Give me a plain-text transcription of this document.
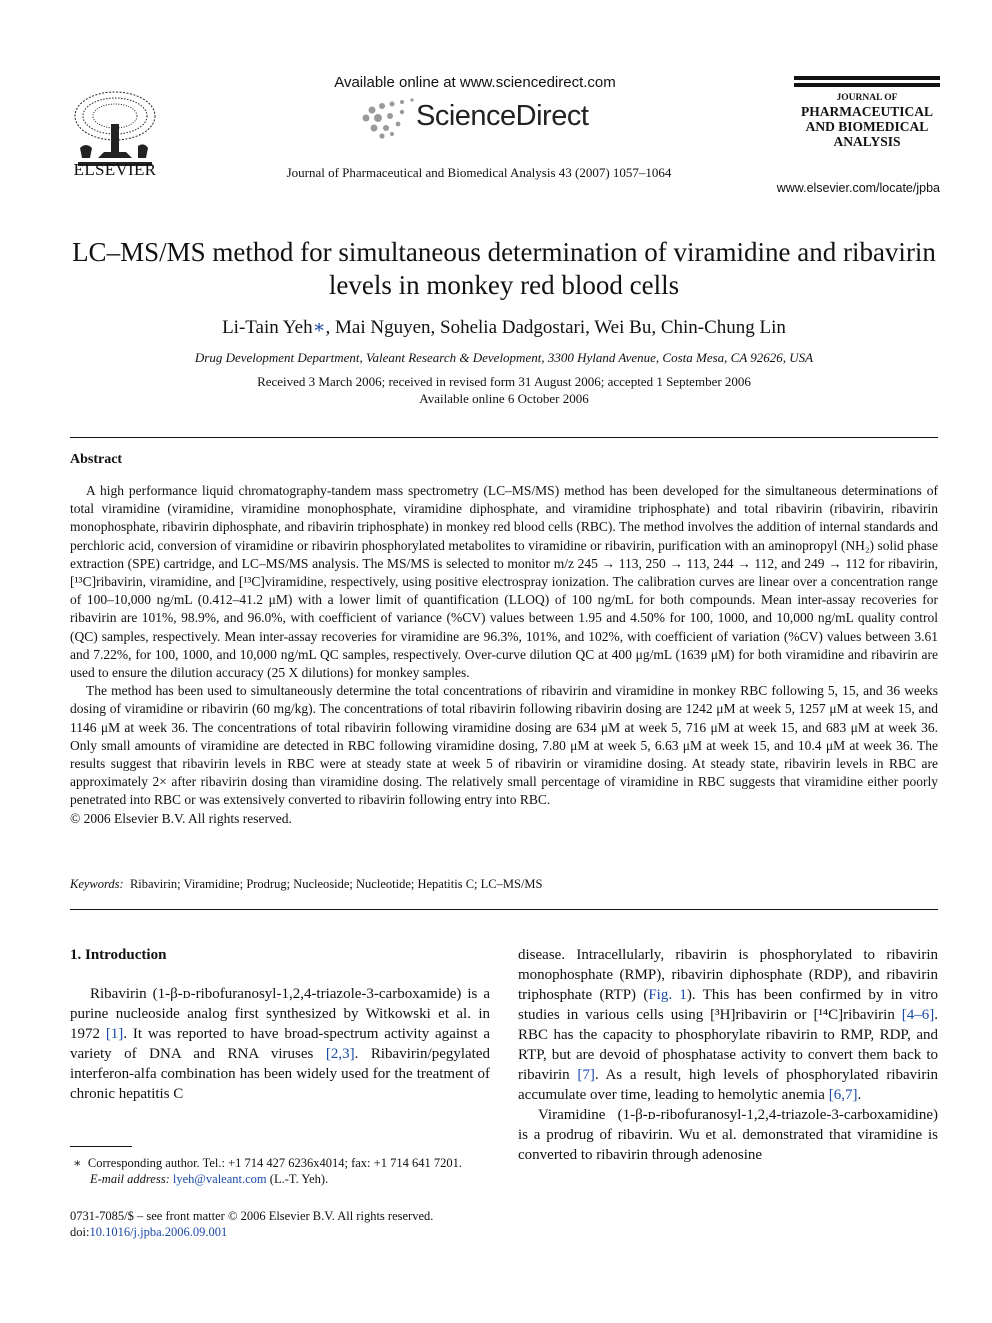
ELSEVIER
Available online at www.sciencedirect.com
ScienceDirect
Journal of Pharmaceutical and Biomedical Analysis 43 (2007) 1057–1064
JOURNAL OF
PHARMACEUTICAL AND BIOMEDICAL ANALYSIS
www.elsevier.com/locate/jpba
LC–MS/MS method for simultaneous determination of viramidine and ribavirin levels in monkey red blood cells
Li-Tain Yeh∗, Mai Nguyen, Sohelia Dadgostari, Wei Bu, Chin-Chung Lin
Drug Development Department, Valeant Research & Development, 3300 Hyland Avenue, Costa Mesa, CA 92626, USA
Received 3 March 2006; received in revised form 31 August 2006; accepted 1 September 2006
Available online 6 October 2006
Abstract

A high performance liquid chromatography-tandem mass spectrometry (LC–MS/MS) method has been developed for the simultaneous determinations of total viramidine (viramidine, viramidine monophosphate, viramidine diphosphate, and viramidine triphosphate) and total ribavirin (ribavirin, ribavirin monophosphate, ribavirin diphosphate, and ribavirin triphosphate) in monkey red blood cells (RBC). The method involves the addition of internal standards and perchloric acid, conversion of viramidine or ribavirin phosphorylated metabolites to viramidine or ribavirin, purification with an aminopropyl (NH₂) solid phase extraction (SPE) cartridge, and LC–MS/MS analysis. The MS/MS is selected to monitor m/z 245 → 113, 250 → 113, 244 → 112, and 249 → 112 for ribavirin, [¹³C]ribavirin, viramidine, and [¹³C]viramidine, respectively, using positive electrospray ionization. The calibration curves are linear over a concentration range of 100–10,000 ng/mL (0.412–41.2 μM) with a lower limit of quantification (LLOQ) of 100 ng/mL for both compounds. Mean inter-assay recoveries for ribavirin are 101%, 98.9%, and 96.0%, with coefficient of variance (%CV) values between 1.95 and 4.50% for 100, 1000, and 10,000 ng/mL quality control (QC) samples, respectively. Mean inter-assay recoveries for viramidine are 96.3%, 101%, and 102%, with coefficient of variation (%CV) values between 3.61 and 7.22%, for 100, 1000, and 10,000 ng/mL QC samples, respectively. Over-curve dilution QC at 400 μg/mL (1639 μM) for both viramidine and ribavirin are used to ensure the dilution accuracy (25 X dilutions) for monkey samples.

The method has been used to simultaneously determine the total concentrations of ribavirin and viramidine in monkey RBC following 5, 15, and 36 weeks dosing of viramidine or ribavirin (60 mg/kg). The concentrations of total ribavirin following ribavirin dosing are 1242 μM at week 5, 1257 μM at week 15, and 1146 μM at week 36. The concentrations of total ribavirin following viramidine dosing are 634 μM at week 5, 716 μM at week 15, and 683 μM at week 36. Only small amounts of viramidine are detected in RBC following viramidine dosing, 7.80 μM at week 5, 6.63 μM at week 15, and 10.4 μM at week 36. The results suggest that ribavirin levels in RBC were at steady state at week 5 of ribavirin or viramidine dosing. At steady state, ribavirin levels in RBC are approximately 2× after ribavirin dosing than viramidine dosing. The relatively small percentage of viramidine in RBC suggests that viramidine either poorly penetrated into RBC or was extensively converted to ribavirin following entry into RBC.

© 2006 Elsevier B.V. All rights reserved.

Keywords: Ribavirin; Viramidine; Prodrug; Nucleoside; Nucleotide; Hepatitis C; LC–MS/MS
1. Introduction

Ribavirin (1-β-ᴅ-ribofuranosyl-1,2,4-triazole-3-carboxamide) is a purine nucleoside analog first synthesized by Witkowski et al. in 1972 [1]. It was reported to have broad-spectrum activity against a variety of DNA and RNA viruses [2,3]. Ribavirin/pegylated interferon-alfa combination has been widely used for the treatment of chronic hepatitis C

disease. Intracellularly, ribavirin is phosphorylated to ribavirin monophosphate (RMP), ribavirin diphosphate (RDP), and ribavirin triphosphate (RTP) (Fig. 1). This has been confirmed by in vitro studies in various cells using [³H]ribavirin or [¹⁴C]ribavirin [4–6]. RBC has the capacity to phosphorylate ribavirin to RMP, RDP, and RTP, but are devoid of phosphatase activity to convert them back to ribavirin [7]. As a result, high levels of phosphorylated ribavirin accumulate over time, leading to hemolytic anemia [6,7].

Viramidine (1-β-ᴅ-ribofuranosyl-1,2,4-triazole-3-carboxamidine) is a prodrug of ribavirin. Wu et al. demonstrated that viramidine is converted to ribavirin through adenosine

∗ Corresponding author. Tel.: +1 714 427 6236x4014; fax: +1 714 641 7201.
E-mail address: lyeh@valeant.com (L.-T. Yeh).
0731-7085/$ – see front matter © 2006 Elsevier B.V. All rights reserved.
doi:10.1016/j.jpba.2006.09.001
